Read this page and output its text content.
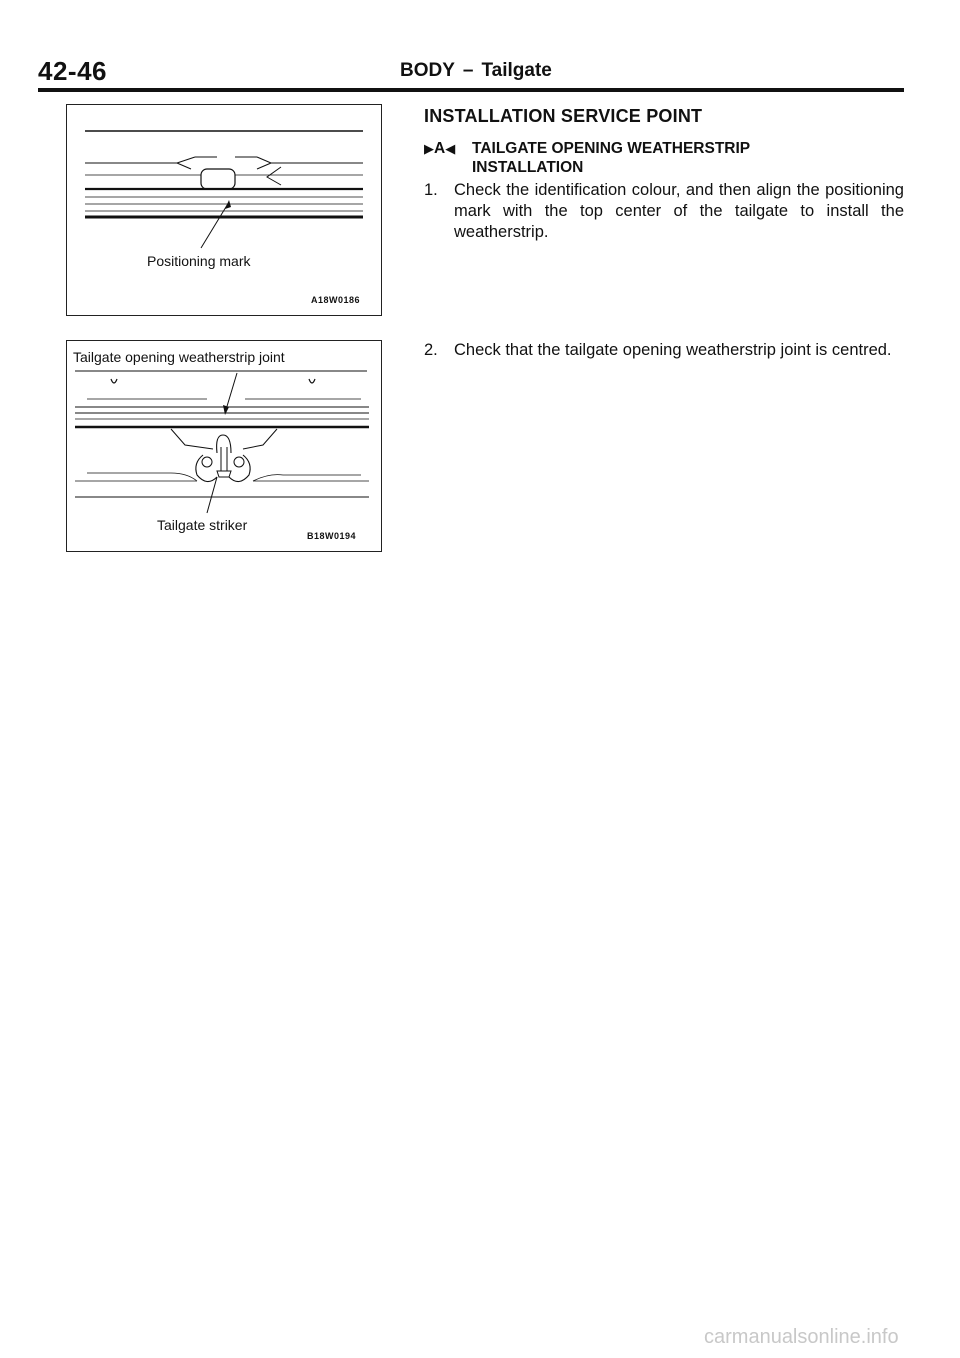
42-46	BODY – Tailgate
Positioning mark
A18W0186
Tailgate opening weatherstrip joint
Tailgate striker
B18W0194
INSTALLATION SERVICE POINT
▶A◀ TAILGATE OPENING WEATHERSTRIP
INSTALLATION
1. Check the identification colour, and then align the positioning mark with the top center of the tailgate to install the weatherstrip.
2. Check that the tailgate opening weatherstrip joint is centred.
carmanualsonline.info
